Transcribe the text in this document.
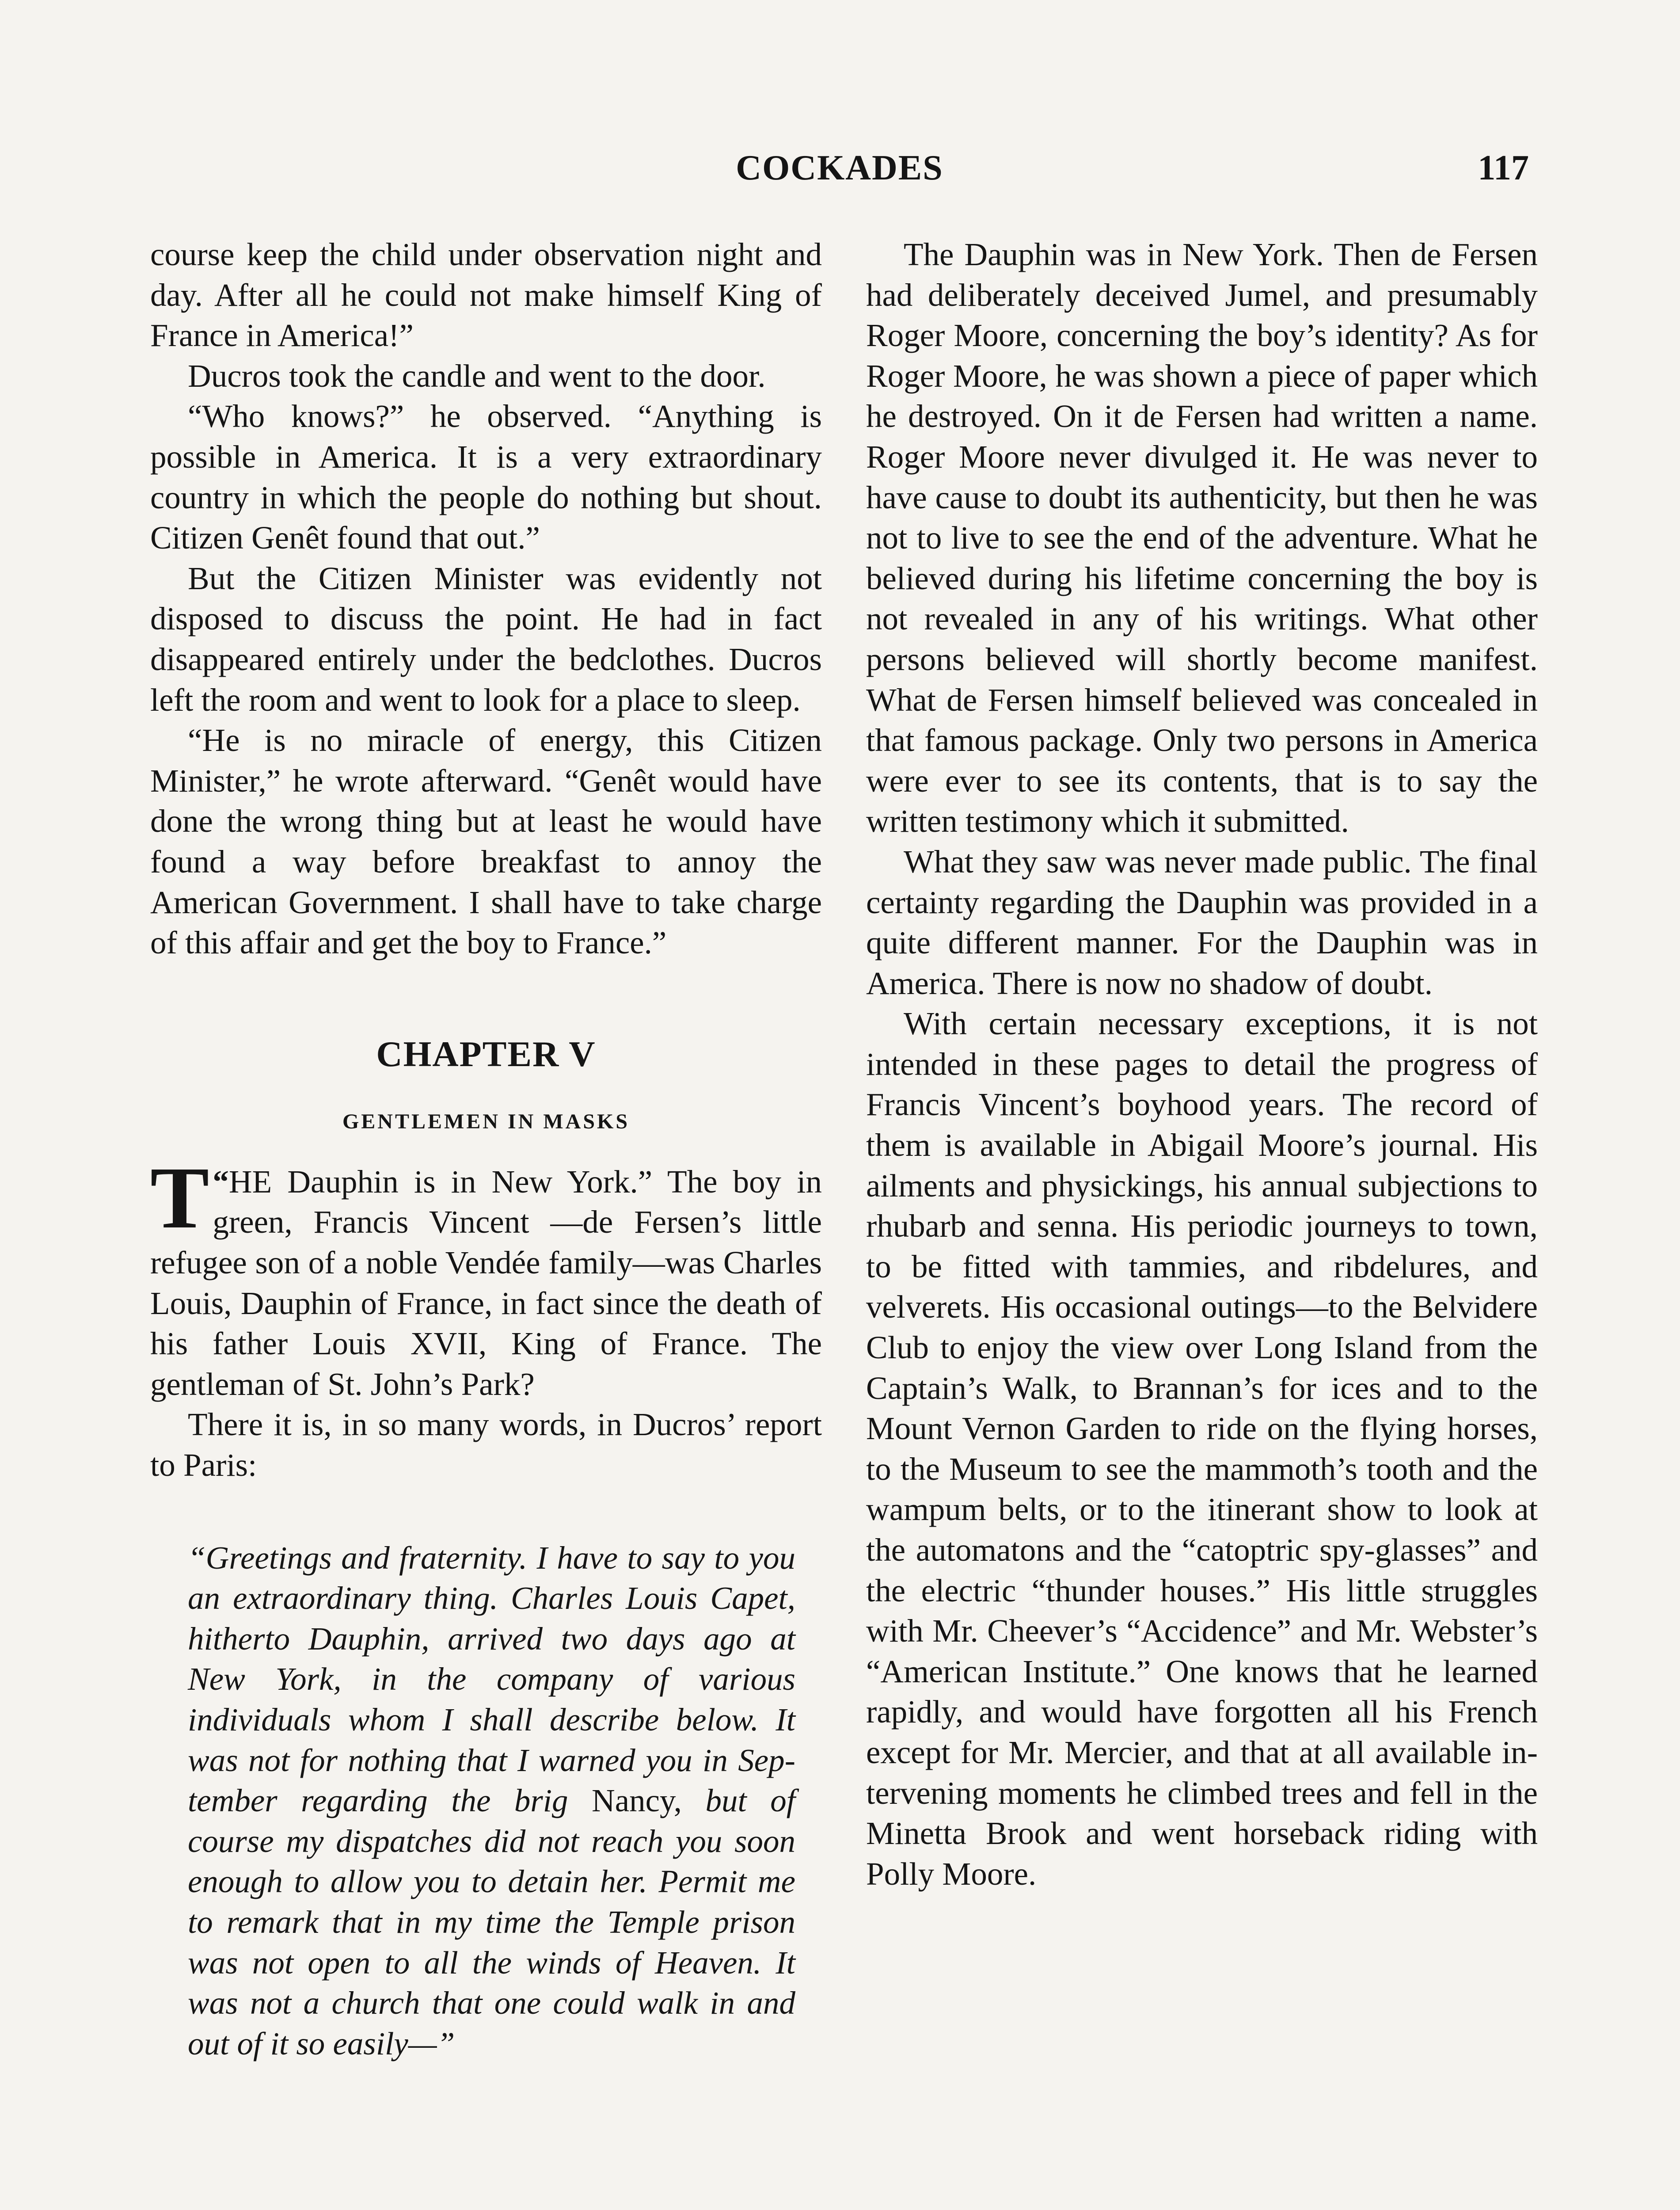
COCKADES	117

course keep the child under observation night and day. After all he could not make himself King of France in America!”

Ducros took the candle and went to the door.

“Who knows?” he observed. “Anything is possible in America. It is a very extraordinary country in which the people do nothing but shout. Citizen Genêt found that out.”

But the Citizen Minister was evidently not disposed to discuss the point. He had in fact disappeared entirely under the bedclothes. Ducros left the room and went to look for a place to sleep.

“He is no miracle of energy, this Citizen Minister,” he wrote afterward. “Genêt would have done the wrong thing but at least he would have found a way before breakfast to annoy the American Government. I shall have to take charge of this affair and get the boy to France.”

CHAPTER V
GENTLEMEN IN MASKS

“
T HE Dauphin is in New York.” The boy in green, Francis Vincent —de Fersen’s little refugee son of a noble Vendée family—was Charles Louis, Dauphin of France, in fact since the death of his father Louis XVII, King of France. The gentleman of St. John’s Park?

There it is, in so many words, in Ducros’ report to Paris:

“Greetings and fraternity. I have to say to you an extraordinary thing. Charles Louis Capet, hitherto Dauphin, arrived two days ago at New York, in the company of various individuals whom I shall describe below. It was not for nothing that I warned you in September regarding the brig Nancy, but of course my dispatches did not reach you soon enough to allow you to detain her. Permit me to remark that in my time the Temple prison was not open to all the winds of Heaven. It was not a church that one could walk in and out of it so easily—”

The Dauphin was in New York. Then de Fersen had deliberately deceived Jumel, and presumably Roger Moore, concerning the boy’s identity? As for Roger Moore, he was shown a piece of paper which he destroyed. On it de Fersen had written a name. Roger Moore never divulged it. He was never to have cause to doubt its authenticity, but then he was not to live to see the end of the adventure. What he believed during his lifetime concerning the boy is not revealed in any of his writings. What other persons believed will shortly become manifest. What de Fersen himself believed was concealed in that famous package. Only two persons in America were ever to see its contents, that is to say the written testimony which it submitted.

What they saw was never made public. The final certainty regarding the Dauphin was provided in a quite different manner. For the Dauphin was in America. There is now no shadow of doubt.

With certain necessary exceptions, it is not intended in these pages to detail the progress of Francis Vincent’s boyhood years. The record of them is available in Abigail Moore’s journal. His ailments and physickings, his annual subjections to rhubarb and senna. His periodic journeys to town, to be fitted with tammies, and ribdelures, and velverets. His occasional outings—to the Belvidere Club to enjoy the view over Long Island from the Captain’s Walk, to Brannan’s for ices and to the Mount Vernon Garden to ride on the flying horses, to the Museum to see the mammoth’s tooth and the wampum belts, or to the itinerant show to look at the automatons and the “catoptric spy-glasses” and the electric “thunder houses.” His little struggles with Mr. Cheever’s “Accidence” and Mr. Webster’s “American Institute.” One knows that he learned rapidly, and would have forgotten all his French except for Mr. Mercier, and that at all available intervening moments he climbed trees and fell in the Minetta Brook and went horseback riding with Polly Moore.
